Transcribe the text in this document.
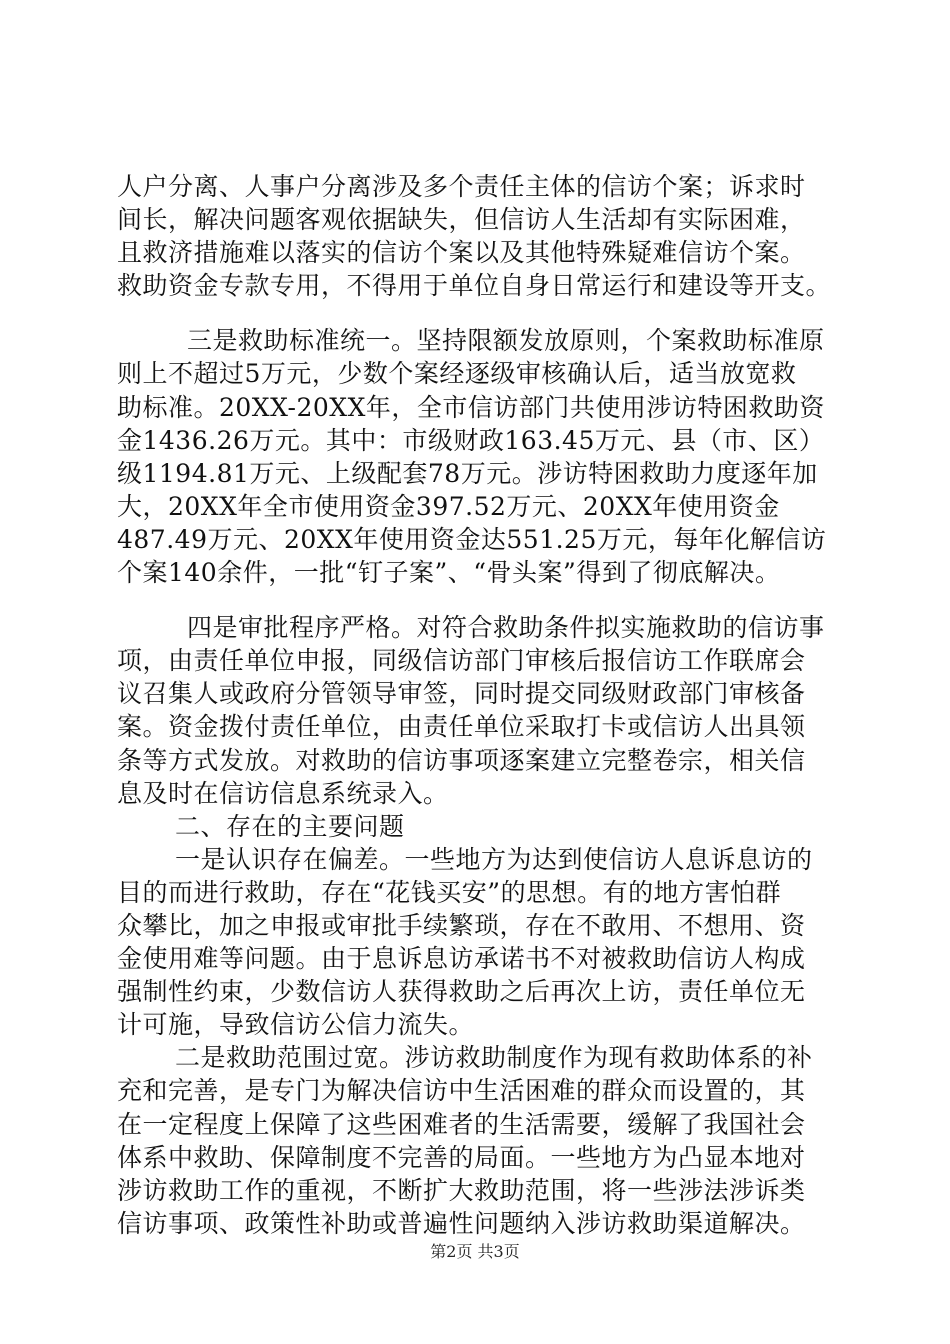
人户分离、人事户分离涉及多个责任主体的信访个案；诉求时
间长，解决问题客观依据缺失，但信访人生活却有实际困难，
且救济措施难以落实的信访个案以及其他特殊疑难信访个案。
救助资金专款专用，不得用于单位自身日常运行和建设等开支。
三是救助标准统一。坚持限额发放原则，个案救助标准原
则上不超过5万元，少数个案经逐级审核确认后，适当放宽救
助标准。20XX-20XX年，全市信访部门共使用涉访特困救助资
金1436.26万元。其中：市级财政163.45万元、县（市、区）
级1194.81万元、上级配套78万元。涉访特困救助力度逐年加
大，20XX年全市使用资金397.52万元、20XX年使用资金
487.49万元、20XX年使用资金达551.25万元，每年化解信访
个案140余件，一批“钉子案”、“骨头案”得到了彻底解决。
四是审批程序严格。对符合救助条件拟实施救助的信访事
项，由责任单位申报，同级信访部门审核后报信访工作联席会
议召集人或政府分管领导审签，同时提交同级财政部门审核备
案。资金拨付责任单位，由责任单位采取打卡或信访人出具领
条等方式发放。对救助的信访事项逐案建立完整卷宗，相关信
息及时在信访信息系统录入。
二、存在的主要问题
一是认识存在偏差。一些地方为达到使信访人息诉息访的
目的而进行救助，存在“花钱买安”的思想。有的地方害怕群
众攀比，加之申报或审批手续繁琐，存在不敢用、不想用、资
金使用难等问题。由于息诉息访承诺书不对被救助信访人构成
强制性约束，少数信访人获得救助之后再次上访，责任单位无
计可施，导致信访公信力流失。
二是救助范围过宽。涉访救助制度作为现有救助体系的补
充和完善，是专门为解决信访中生活困难的群众而设置的，其
在一定程度上保障了这些困难者的生活需要，缓解了我国社会
体系中救助、保障制度不完善的局面。一些地方为凸显本地对
涉访救助工作的重视，不断扩大救助范围，将一些涉法涉诉类
信访事项、政策性补助或普遍性问题纳入涉访救助渠道解决。
第2页 共3页
